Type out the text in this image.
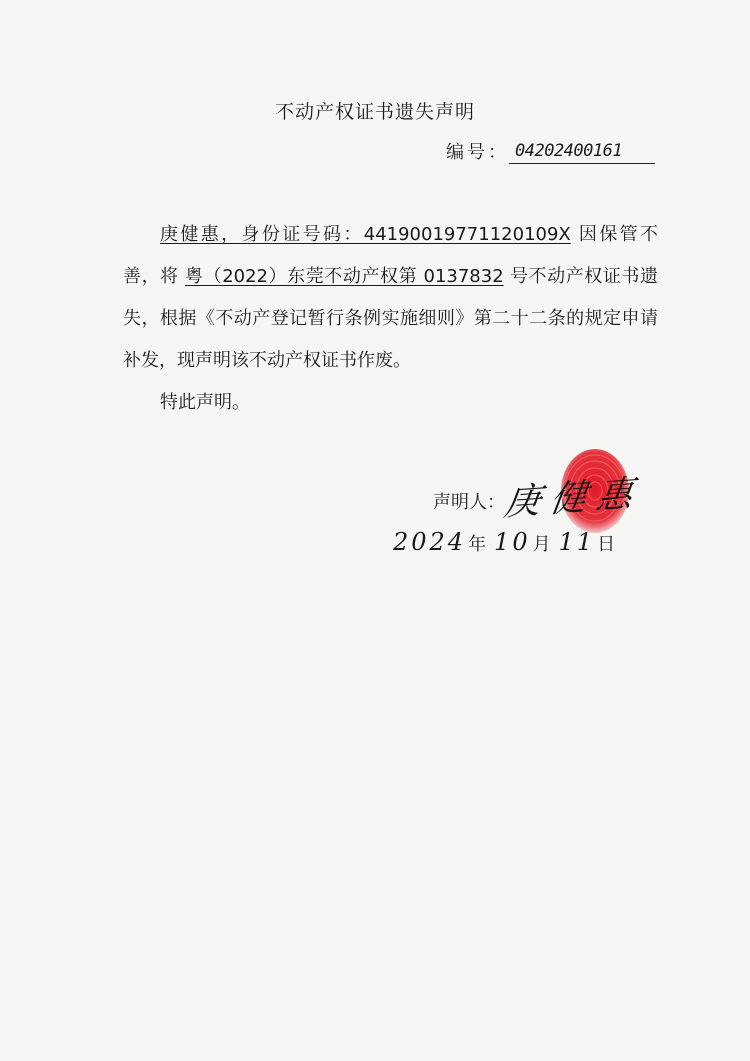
不动产权证书遗失声明
编号： 04202400161

庚健惠，身份证号码：44190019771120109X 因保管不善，将 粤（2022）东莞不动产权第 0137832 号不动产权证书遗失，根据《不动产登记暂行条例实施细则》第二十二条的规定申请补发，现声明该不动产权证书作废。

特此声明。

声明人：
庚健惠
2024 年 10 月 11 日
